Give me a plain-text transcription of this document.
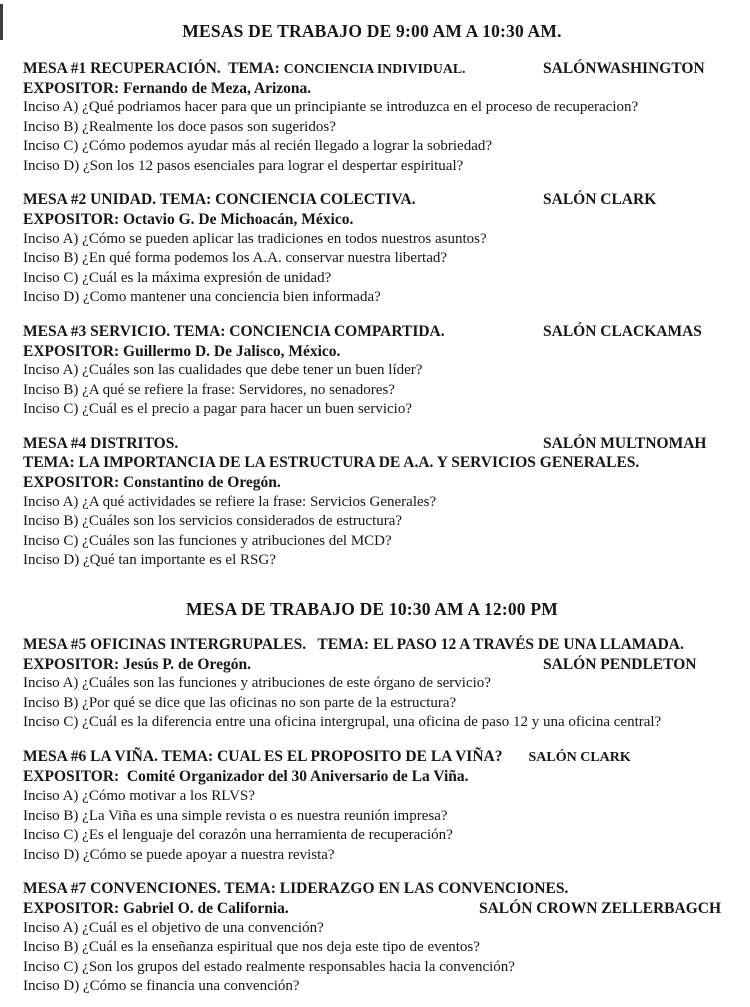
MESAS DE TRABAJO DE 9:00 AM A 10:30 AM.
MESA #1 RECUPERACIÓN.  TEMA: CONCIENCIA INDIVIDUAL.	SALÓNWASHINGTON
EXPOSITOR: Fernando de Meza, Arizona.
Inciso A) ¿Qué podriamos hacer para que un principiante se introduzca en el proceso de recuperacion?
Inciso B) ¿Realmente los doce pasos son sugeridos?
Inciso C) ¿Cómo podemos ayudar más al recién llegado a lograr la sobriedad?
Inciso D) ¿Son los 12 pasos esenciales para lograr el despertar espiritual?
MESA #2 UNIDAD. TEMA: CONCIENCIA COLECTIVA.	SALÓN CLARK
EXPOSITOR: Octavio G. De Michoacán, México.
Inciso A) ¿Cómo se pueden aplicar las tradiciones en todos nuestros asuntos?
Inciso B) ¿En qué forma podemos los A.A. conservar nuestra libertad?
Inciso C) ¿Cuál es la máxima expresión de unidad?
Inciso D) ¿Como mantener una conciencia bien informada?
MESA #3 SERVICIO. TEMA: CONCIENCIA COMPARTIDA.	SALÓN CLACKAMAS
EXPOSITOR: Guillermo D. De Jalisco, México.
Inciso A) ¿Cuáles son las cualidades que debe tener un buen líder?
Inciso B) ¿A qué se refiere la frase: Servidores, no senadores?
Inciso C) ¿Cuál es el precio a pagar para hacer un buen servicio?
MESA #4 DISTRITOS.	SALÓN MULTNOMAH
TEMA: LA IMPORTANCIA DE LA ESTRUCTURA DE A.A. Y SERVICIOS GENERALES.
EXPOSITOR: Constantino de Oregón.
Inciso A) ¿A qué actividades se refiere la frase: Servicios Generales?
Inciso B) ¿Cuáles son los servicios considerados de estructura?
Inciso C) ¿Cuáles son las funciones y atribuciones del MCD?
Inciso D) ¿Qué tan importante es el RSG?
MESA DE TRABAJO DE 10:30 AM A 12:00 PM
MESA #5 OFICINAS INTERGRUPALES.   TEMA: EL PASO 12 A TRAVÉS DE UNA LLAMADA.
EXPOSITOR: Jesús P. de Oregón.	SALÓN PENDLETON
Inciso A) ¿Cuáles son las funciones y atribuciones de este órgano de servicio?
Inciso B) ¿Por qué se dice que las oficinas no son parte de la estructura?
Inciso C) ¿Cuál es la diferencia entre una oficina intergrupal, una oficina de paso 12 y una oficina central?
MESA #6 LA VIÑA. TEMA: CUAL ES EL PROPOSITO DE LA VIÑA? SALÓN CLARK
EXPOSITOR:  Comité Organizador del 30 Aniversario de La Viña.
Inciso A) ¿Cómo motivar a los RLVS?
Inciso B) ¿La Viña es una simple revista o es nuestra reunión impresa?
Inciso C) ¿Es el lenguaje del corazón una herramienta de recuperación?
Inciso D) ¿Cómo se puede apoyar a nuestra revista?
MESA #7 CONVENCIONES. TEMA: LIDERAZGO EN LAS CONVENCIONES.
EXPOSITOR: Gabriel O. de California.	SALÓN CROWN ZELLERBAGCH
Inciso A) ¿Cuál es el objetivo de una convención?
Inciso B) ¿Cuál es la enseñanza espiritual que nos deja este tipo de eventos?
Inciso C) ¿Son los grupos del estado realmente responsables hacia la convención?
Inciso D) ¿Cómo se financia una convención?
